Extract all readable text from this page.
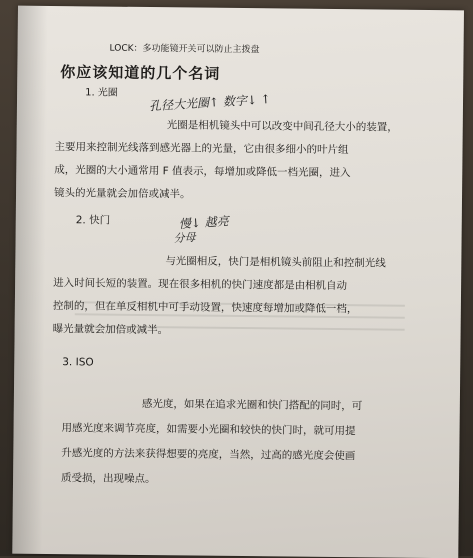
LOCK：多功能镜开关可以防止主拨盘
你应该知道的几个名词
1. 光圈	孔径大光圈↑ 数字↓ ↑
光圈是相机镜头中可以改变中间孔径大小的装置，
主要用来控制光线落到感光器上的光量，它由很多细小的叶片组
成，光圈的大小通常用 F 值表示，每增加或降低一档光圈，进入
镜头的光量就会加倍或减半。
2. 快门	慢↓ 越亮
分母
与光圈相反，快门是相机镜头前阻止和控制光线
进入时间长短的装置。现在很多相机的快门速度都是由相机自动
控制的，但在单反相机中可手动设置，快速度每增加或降低一档，
曝光量就会加倍或减半。
3. ISO
感光度，如果在追求光圈和快门搭配的同时，可
用感光度来调节亮度，如需要小光圈和较快的快门时，就可用提
升感光度的方法来获得想要的亮度，当然，过高的感光度会使画
质受损，出现噪点。
